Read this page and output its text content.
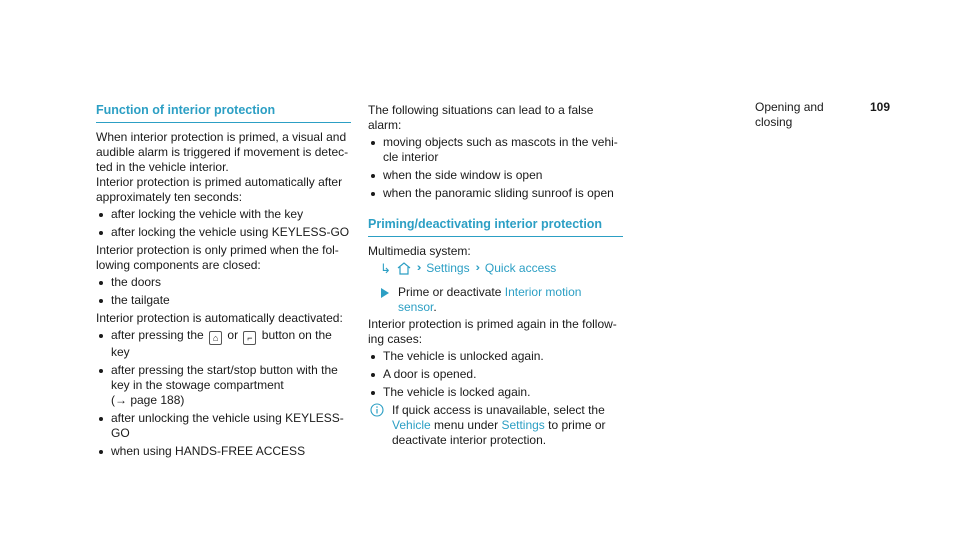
Opening and closing
109
Function of interior protection

When interior protection is primed, a visual and audible alarm is triggered if movement is detec- ted in the vehicle interior.

Interior protection is primed automatically after approximately ten seconds:

after locking the vehicle with the key
after locking the vehicle using KEYLESS-GO

Interior protection is only primed when the fol- lowing components are closed:

the doors
the tailgate

Interior protection is automatically deactivated:

after pressing the ⌂ or ⌐ button on the key
after pressing the start/stop button with the key in the stowage compartment
(→ page 188)
after unlocking the vehicle using KEYLESS- GO
when using HANDS-FREE ACCESS

The following situations can lead to a false alarm:

moving objects such as mascots in the vehi- cle interior
when the side window is open
when the panoramic sliding sunroof is open
Priming/deactivating interior protection

Multimedia system:

↳ ›› Settings ›› Quick access
Prime or deactivate Interior motion sensor.

Interior protection is primed again in the follow- ing cases:

The vehicle is unlocked again.
A door is opened.
The vehicle is locked again.
If quick access is unavailable, select the Vehicle menu under Settings to prime or deactivate interior protection.
